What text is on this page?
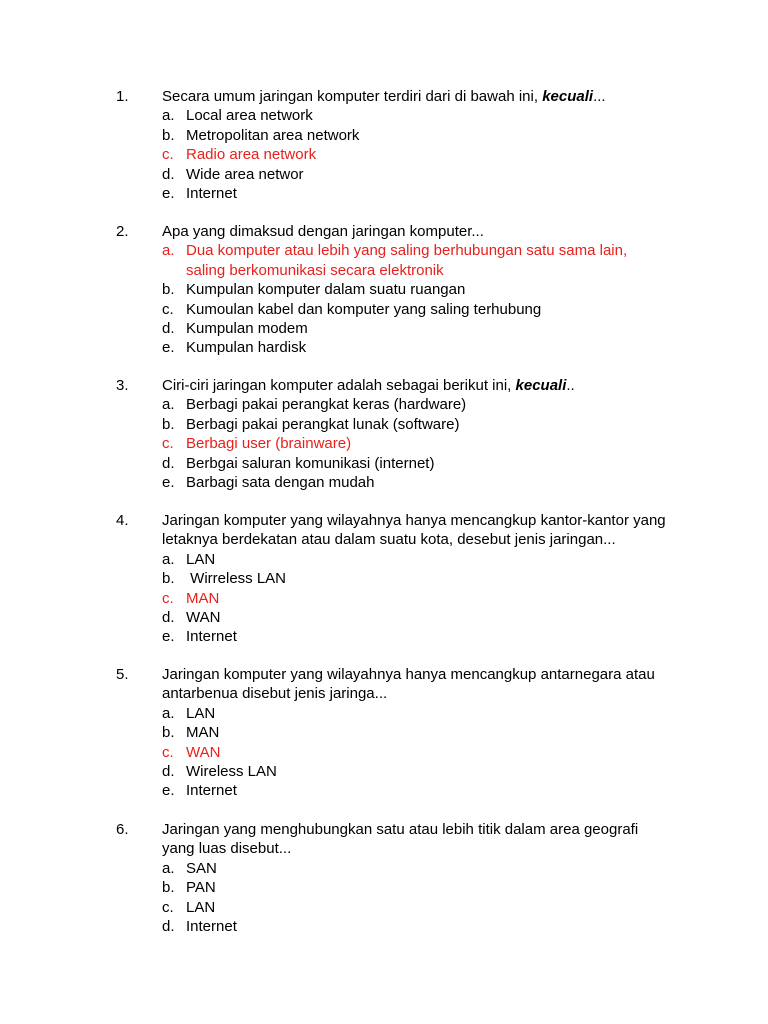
1. Secara umum jaringan komputer terdiri dari di bawah ini, kecuali...
a. Local area network
b. Metropolitan area network
c. Radio area network
d. Wide area networ
e. Internet
2. Apa yang dimaksud dengan jaringan komputer...
a. Dua komputer atau lebih yang saling berhubungan satu sama lain, saling berkomunikasi secara elektronik
b. Kumpulan komputer dalam suatu ruangan
c. Kumoulan kabel dan komputer yang saling terhubung
d. Kumpulan modem
e. Kumpulan hardisk
3. Ciri-ciri jaringan komputer adalah sebagai berikut ini, kecuali..
a. Berbagi pakai perangkat keras (hardware)
b. Berbagi pakai perangkat lunak (software)
c. Berbagi user (brainware)
d. Berbgai saluran komunikasi (internet)
e. Barbagi sata dengan mudah
4. Jaringan komputer yang wilayahnya hanya mencangkup kantor-kantor yang letaknya berdekatan atau dalam suatu kota, desebut jenis jaringan...
a. LAN
b. Wirreless LAN
c. MAN
d. WAN
e. Internet
5. Jaringan komputer yang wilayahnya hanya mencangkup antarnegara atau antarbenua disebut jenis jaringa...
a. LAN
b. MAN
c. WAN
d. Wireless LAN
e. Internet
6. Jaringan yang menghubungkan satu atau lebih titik dalam area geografi yang luas disebut...
a. SAN
b. PAN
c. LAN
d. Internet
